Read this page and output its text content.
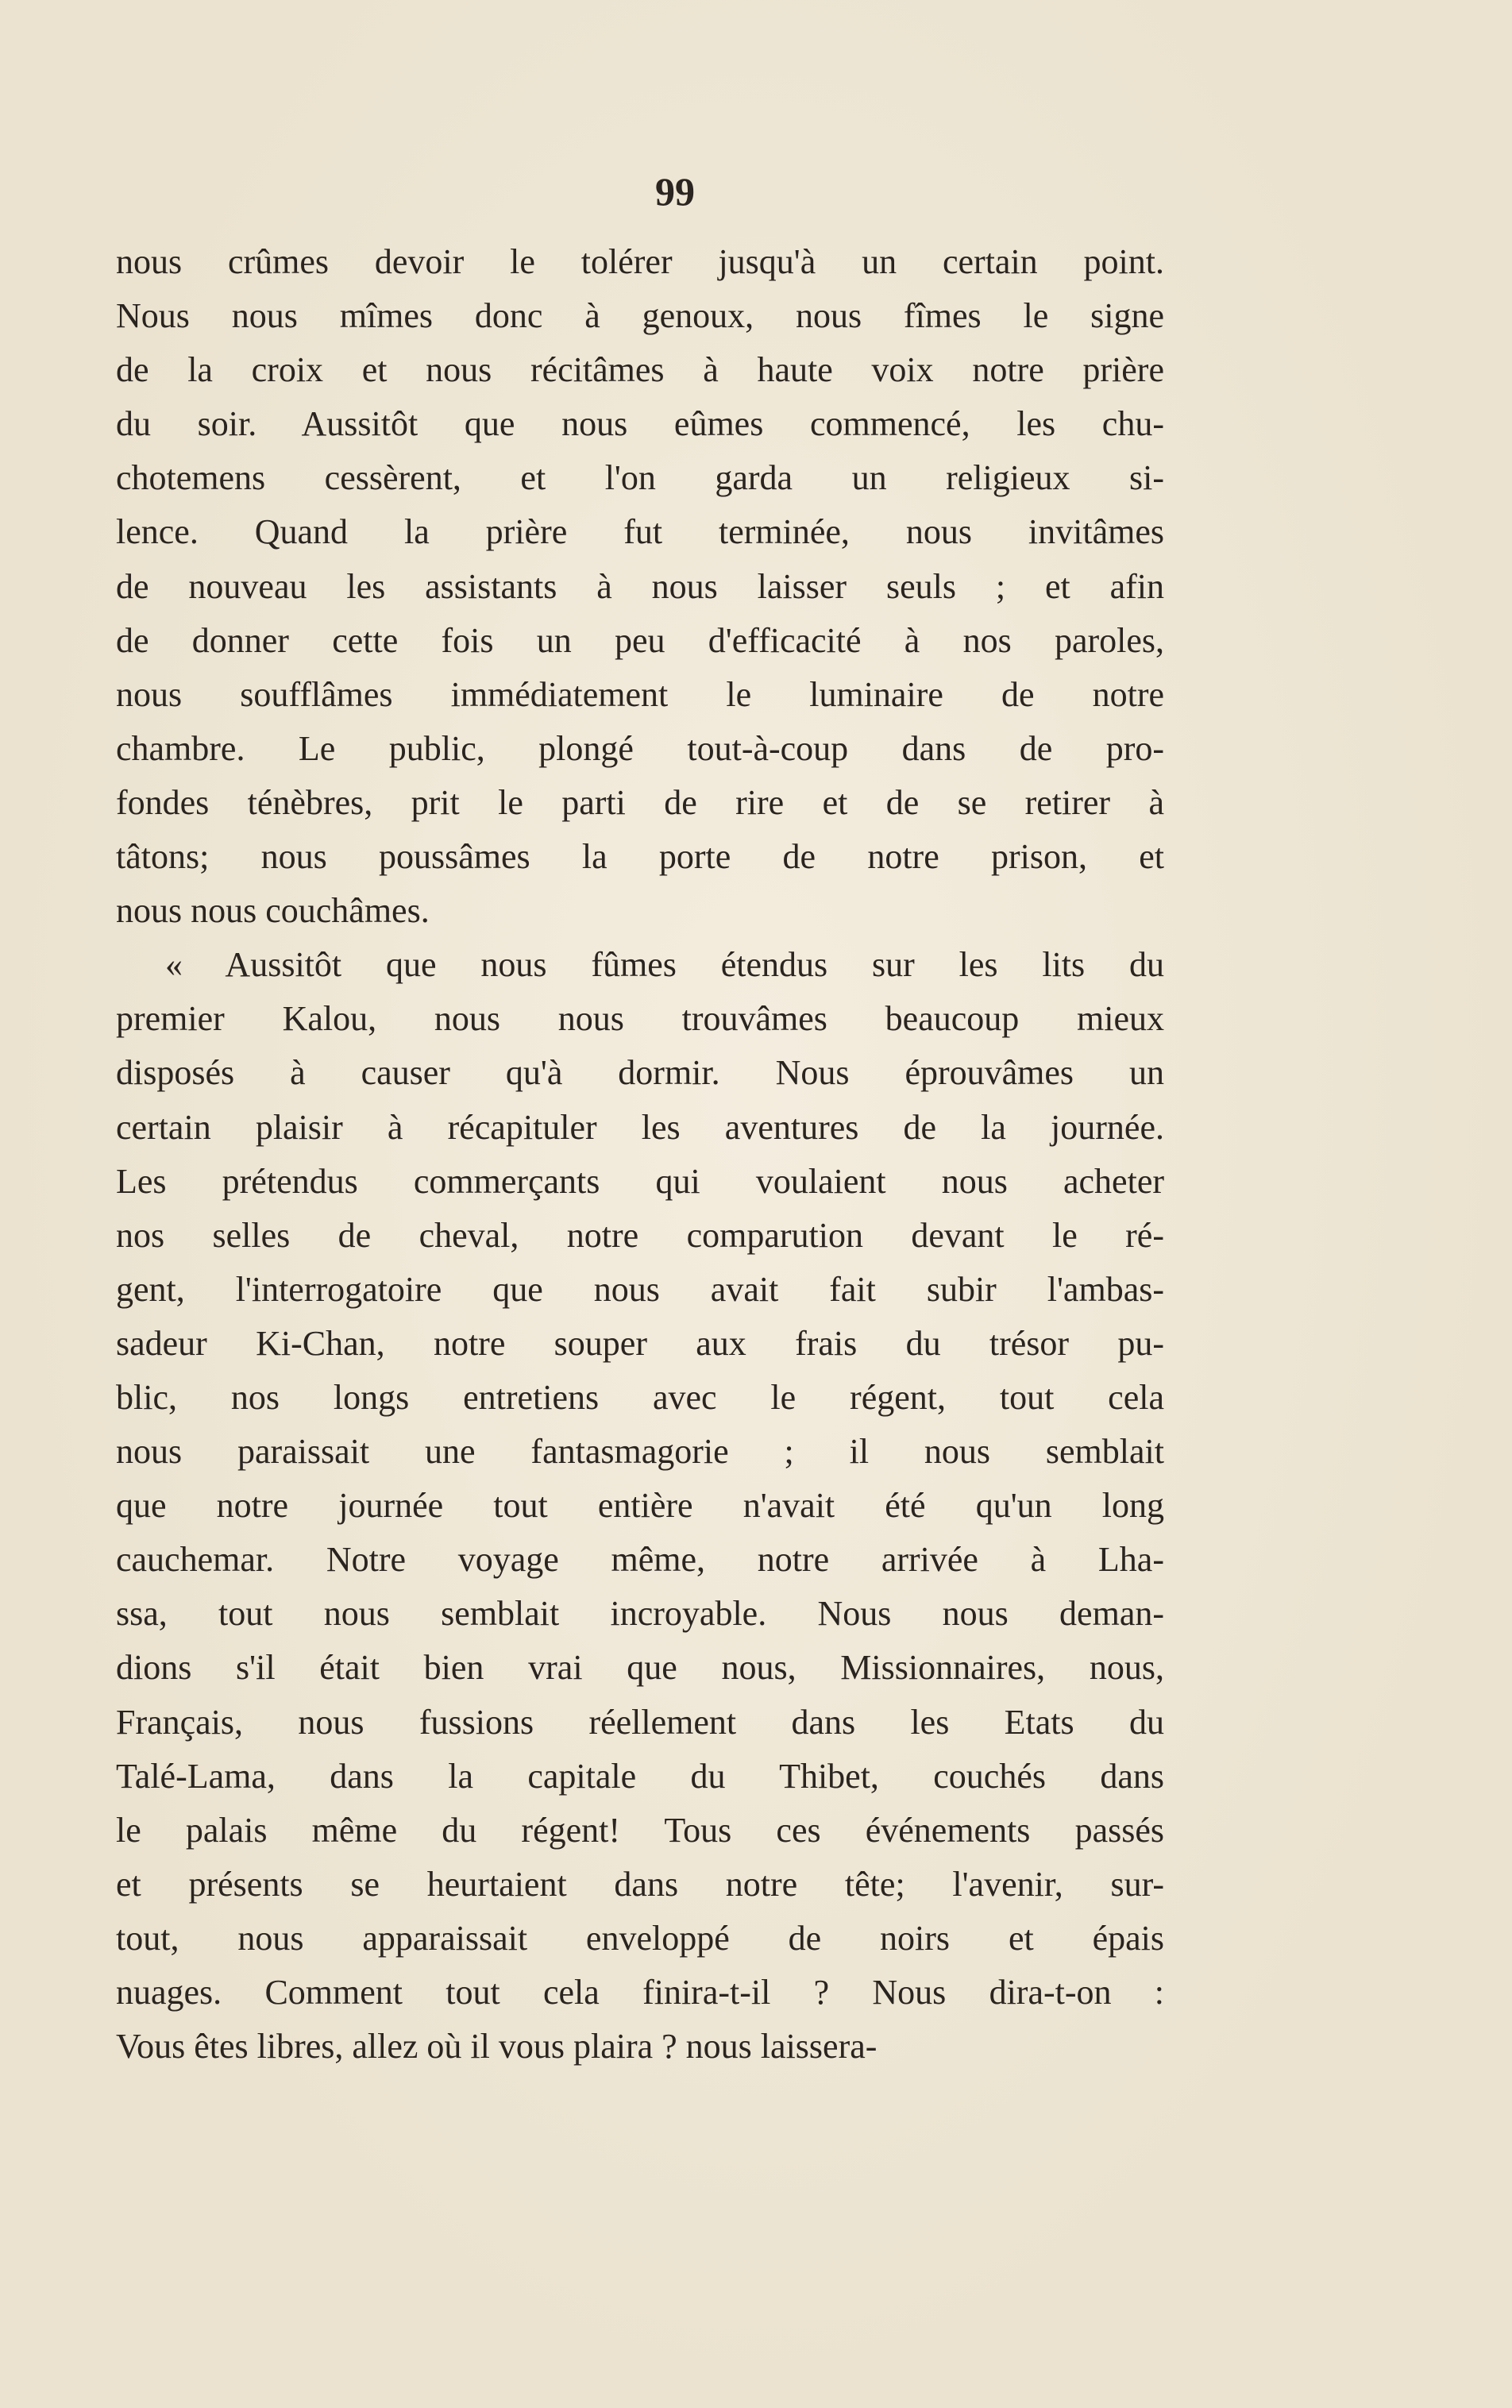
99
nous crûmes devoir le tolérer jusqu'à un certain point.
Nous nous mîmes donc à genoux, nous fîmes le signe
de la croix et nous récitâmes à haute voix notre prière
du soir. Aussitôt que nous eûmes commencé, les chu-
chotemens cessèrent, et l'on garda un religieux si-
lence. Quand la prière fut terminée, nous invitâmes
de nouveau les assistants à nous laisser seuls ; et afin
de donner cette fois un peu d'efficacité à nos paroles,
nous soufflâmes immédiatement le luminaire de notre
chambre. Le public, plongé tout-à-coup dans de pro-
fondes ténèbres, prit le parti de rire et de se retirer à
tâtons; nous poussâmes la porte de notre prison, et
nous nous couchâmes.
« Aussitôt que nous fûmes étendus sur les lits du
premier Kalou, nous nous trouvâmes beaucoup mieux
disposés à causer qu'à dormir. Nous éprouvâmes un
certain plaisir à récapituler les aventures de la journée.
Les prétendus commerçants qui voulaient nous acheter
nos selles de cheval, notre comparution devant le ré-
gent, l'interrogatoire que nous avait fait subir l'ambas-
sadeur Ki-Chan, notre souper aux frais du trésor pu-
blic, nos longs entretiens avec le régent, tout cela
nous paraissait une fantasmagorie ; il nous semblait
que notre journée tout entière n'avait été qu'un long
cauchemar. Notre voyage même, notre arrivée à Lha-
ssa, tout nous semblait incroyable. Nous nous deman-
dions s'il était bien vrai que nous, Missionnaires, nous,
Français, nous fussions réellement dans les Etats du
Talé-Lama, dans la capitale du Thibet, couchés dans
le palais même du régent! Tous ces événements passés
et présents se heurtaient dans notre tête; l'avenir, sur-
tout, nous apparaissait enveloppé de noirs et épais
nuages. Comment tout cela finira-t-il ? Nous dira-t-on :
Vous êtes libres, allez où il vous plaira ? nous laissera-
